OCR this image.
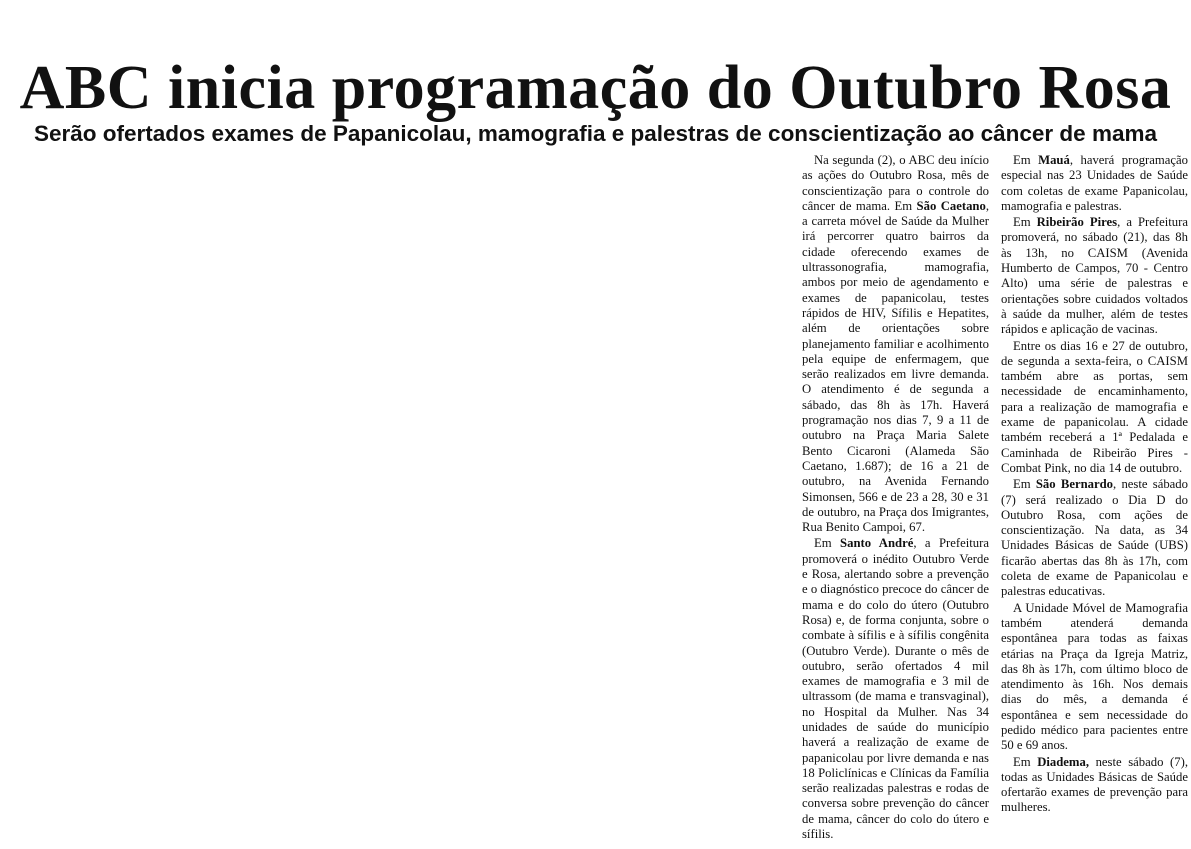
ABC inicia programação do Outubro Rosa
Serão ofertados exames de Papanicolau, mamografia e palestras de conscientização ao câncer de mama

Na segunda (2), o ABC deu início as ações do Outubro Rosa, mês de conscientização para o controle do câncer de mama. Em São Caetano, a carreta móvel de Saúde da Mulher irá percorrer quatro bairros da cidade oferecendo exames de ultrassonografia, mamografia, ambos por meio de agendamento e exames de papanicolau, testes rápidos de HIV, Sífilis e Hepatites, além de orientações sobre planejamento familiar e acolhimento pela equipe de enfermagem, que serão realizados em livre demanda. O atendimento é de segunda a sábado, das 8h às 17h. Haverá programação nos dias 7, 9 a 11 de outubro na Praça Maria Salete Bento Cicaroni (Alameda São Caetano, 1.687); de 16 a 21 de outubro, na Avenida Fernando Simonsen, 566 e de 23 a 28, 30 e 31 de outubro, na Praça dos Imigrantes, Rua Benito Campoi, 67.

Em Santo André, a Prefeitura promoverá o inédito Outubro Verde e Rosa, alertando sobre a prevenção e o diagnóstico precoce do câncer de mama e do colo do útero (Outubro Rosa) e, de forma conjunta, sobre o combate à sífilis e à sífilis congênita (Outubro Verde). Durante o mês de outubro, serão ofertados 4 mil exames de mamografia e 3 mil de ultrassom (de mama e transvaginal), no Hospital da Mulher. Nas 34 unidades de saúde do município haverá a realização de exame de papanicolau por livre demanda e nas 18 Policlínicas e Clínicas da Família serão realizadas palestras e rodas de conversa sobre prevenção do câncer de mama, câncer do colo do útero e sífilis.

Em Mauá, haverá programação especial nas 23 Unidades de Saúde com coletas de exame Papanicolau, mamografia e palestras.

Em Ribeirão Pires, a Prefeitura promoverá, no sábado (21), das 8h às 13h, no CAISM (Avenida Humberto de Campos, 70 - Centro Alto) uma série de palestras e orientações sobre cuidados voltados à saúde da mulher, além de testes rápidos e aplicação de vacinas.

Entre os dias 16 e 27 de outubro, de segunda a sexta-feira, o CAISM também abre as portas, sem necessidade de encaminhamento, para a realização de mamografia e exame de papanicolau. A cidade também receberá a 1ª Pedalada e Caminhada de Ribeirão Pires - Combat Pink, no dia 14 de outubro.

Em São Bernardo, neste sábado (7) será realizado o Dia D do Outubro Rosa, com ações de conscientização. Na data, as 34 Unidades Básicas de Saúde (UBS) ficarão abertas das 8h às 17h, com coleta de exame de Papanicolau e palestras educativas.

A Unidade Móvel de Mamografia também atenderá demanda espontânea para todas as faixas etárias na Praça da Igreja Matriz, das 8h às 17h, com último bloco de atendimento às 16h. Nos demais dias do mês, a demanda é espontânea e sem necessidade do pedido médico para pacientes entre 50 e 69 anos.

Em Diadema, neste sábado (7), todas as Unidades Básicas de Saúde ofertarão exames de prevenção para mulheres.
